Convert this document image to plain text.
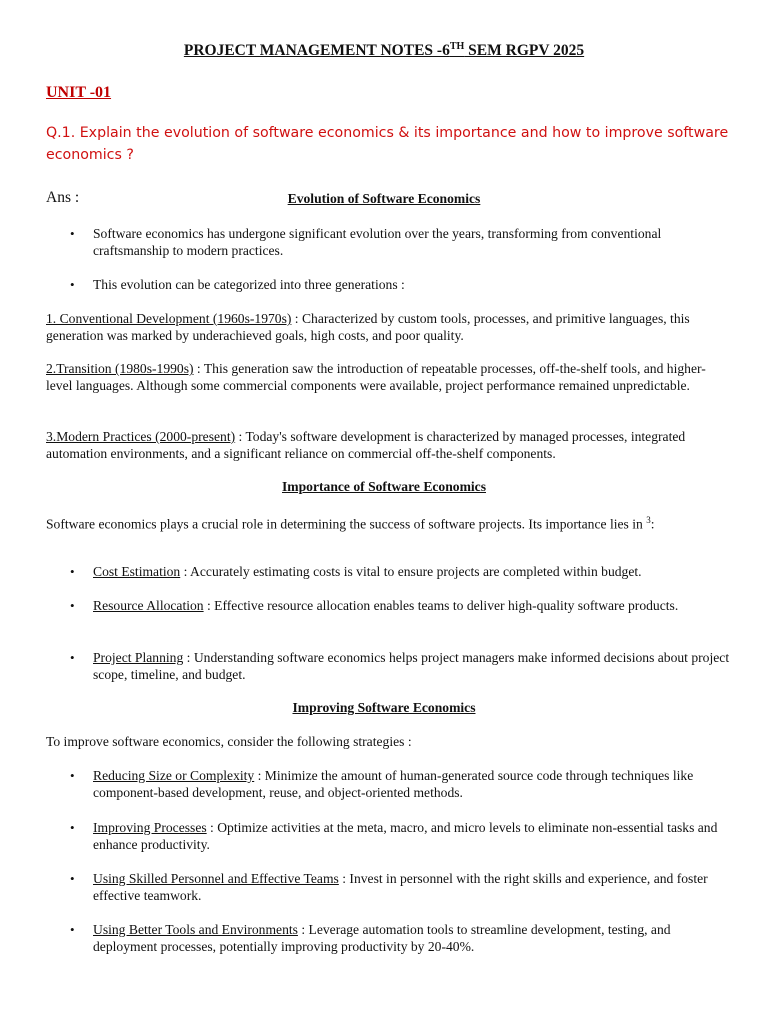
PROJECT MANAGEMENT NOTES -6TH SEM RGPV 2025
UNIT -01
Q.1. Explain the evolution of software economics & its importance and how to improve software economics ?
Ans :	Evolution of Software Economics
• Software economics has undergone significant evolution over the years, transforming from conventional craftsmanship to modern practices.
• This evolution can be categorized into three generations :
1. Conventional Development (1960s-1970s) : Characterized by custom tools, processes, and primitive languages, this generation was marked by underachieved goals, high costs, and poor quality.
2.Transition (1980s-1990s) : This generation saw the introduction of repeatable processes, off-the-shelf tools, and higher-level languages. Although some commercial components were available, project performance remained unpredictable.
3.Modern Practices (2000-present) : Today's software development is characterized by managed processes, integrated automation environments, and a significant reliance on commercial off-the-shelf components.
Importance of Software Economics
Software economics plays a crucial role in determining the success of software projects. Its importance lies in $^3$:
• Cost Estimation : Accurately estimating costs is vital to ensure projects are completed within budget.
• Resource Allocation : Effective resource allocation enables teams to deliver high-quality software products.
• Project Planning : Understanding software economics helps project managers make informed decisions about project scope, timeline, and budget.
Improving Software Economics
To improve software economics, consider the following strategies :
• Reducing Size or Complexity : Minimize the amount of human-generated source code through techniques like component-based development, reuse, and object-oriented methods.
• Improving Processes : Optimize activities at the meta, macro, and micro levels to eliminate non-essential tasks and enhance productivity.
• Using Skilled Personnel and Effective Teams : Invest in personnel with the right skills and experience, and foster effective teamwork.
• Using Better Tools and Environments : Leverage automation tools to streamline development, testing, and deployment processes, potentially improving productivity by 20-40%.
